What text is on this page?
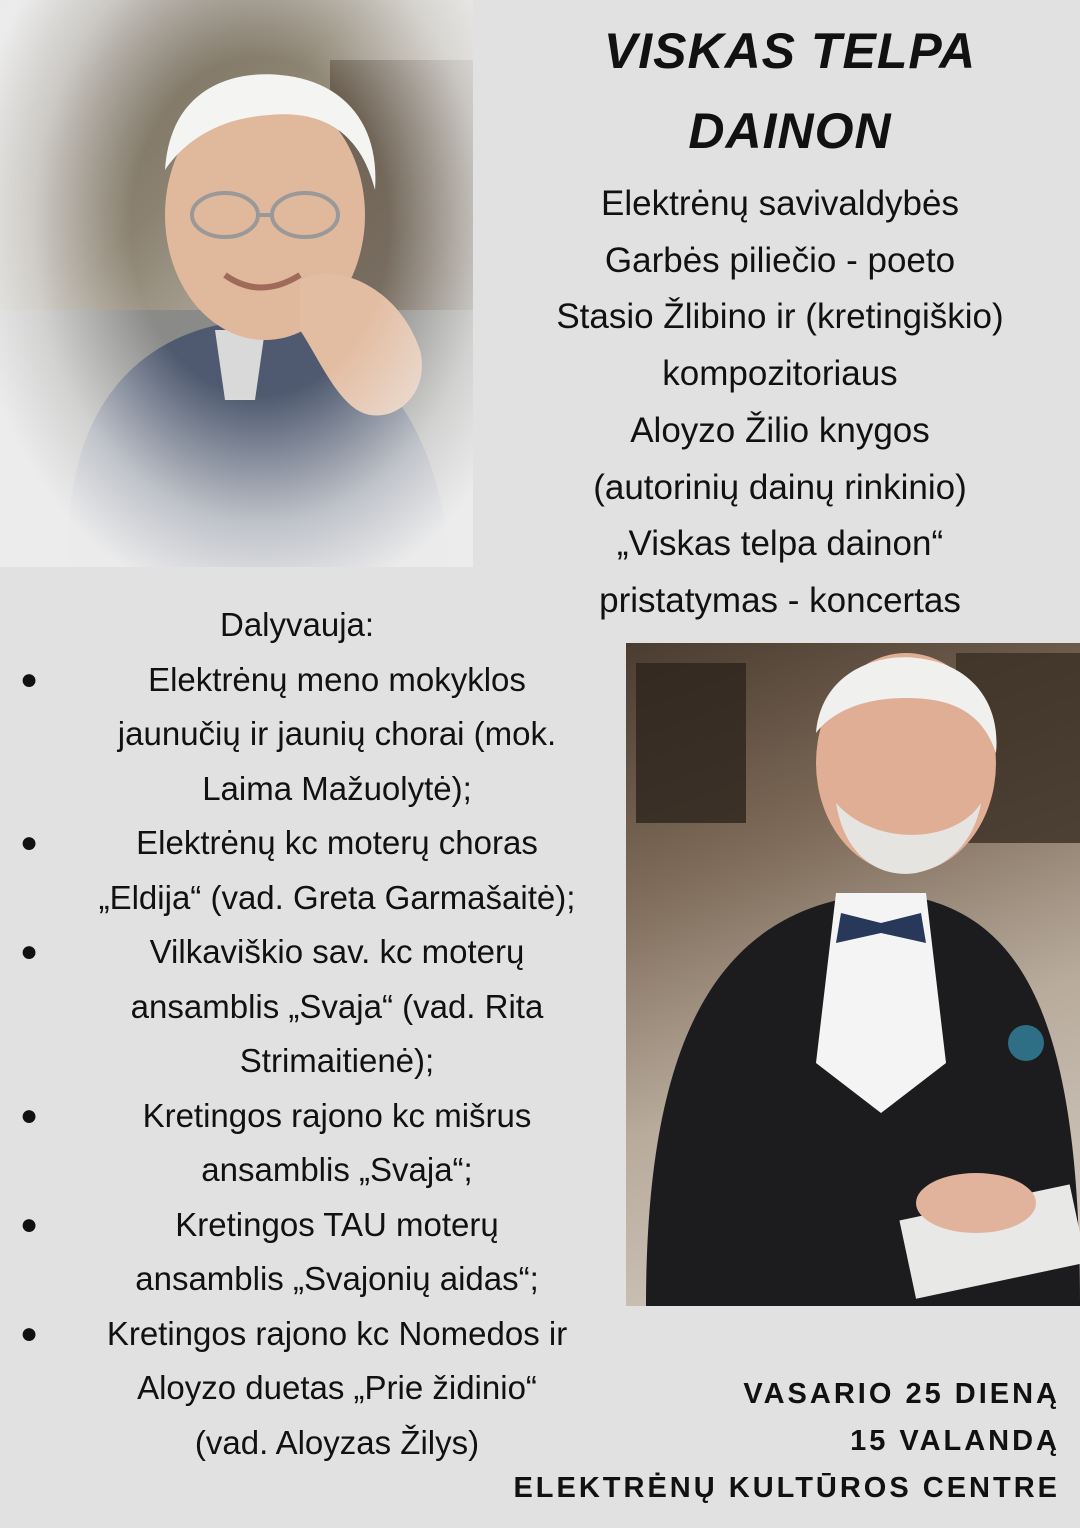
VISKAS TELPA
DAINON
Elektrėnų savivaldybės
Garbės piliečio - poeto
Stasio Žlibino ir (kretingiškio)
kompozitoriaus
Aloyzo Žilio knygos
(autorinių dainų rinkinio)
„Viskas telpa dainon“
pristatymas - koncertas
Dalyvauja:
●	Elektrėnų meno mokyklos
jaunučių ir jaunių chorai (mok.
Laima Mažuolytė);
●	Elektrėnų kc moterų choras
„Eldija“ (vad. Greta Garmašaitė);
●	Vilkaviškio sav. kc moterų
ansamblis „Svaja“ (vad. Rita
Strimaitienė);
●	Kretingos rajono kc mišrus
ansamblis „Svaja“;
●	Kretingos TAU moterų
ansamblis „Svajonių aidas“;
●	Kretingos rajono kc Nomedos ir
Aloyzo duetas „Prie židinio“
(vad. Aloyzas Žilys)
VASARIO 25 DIENĄ
15 VALANDĄ
ELEKTRĖNŲ KULTŪROS CENTRE
